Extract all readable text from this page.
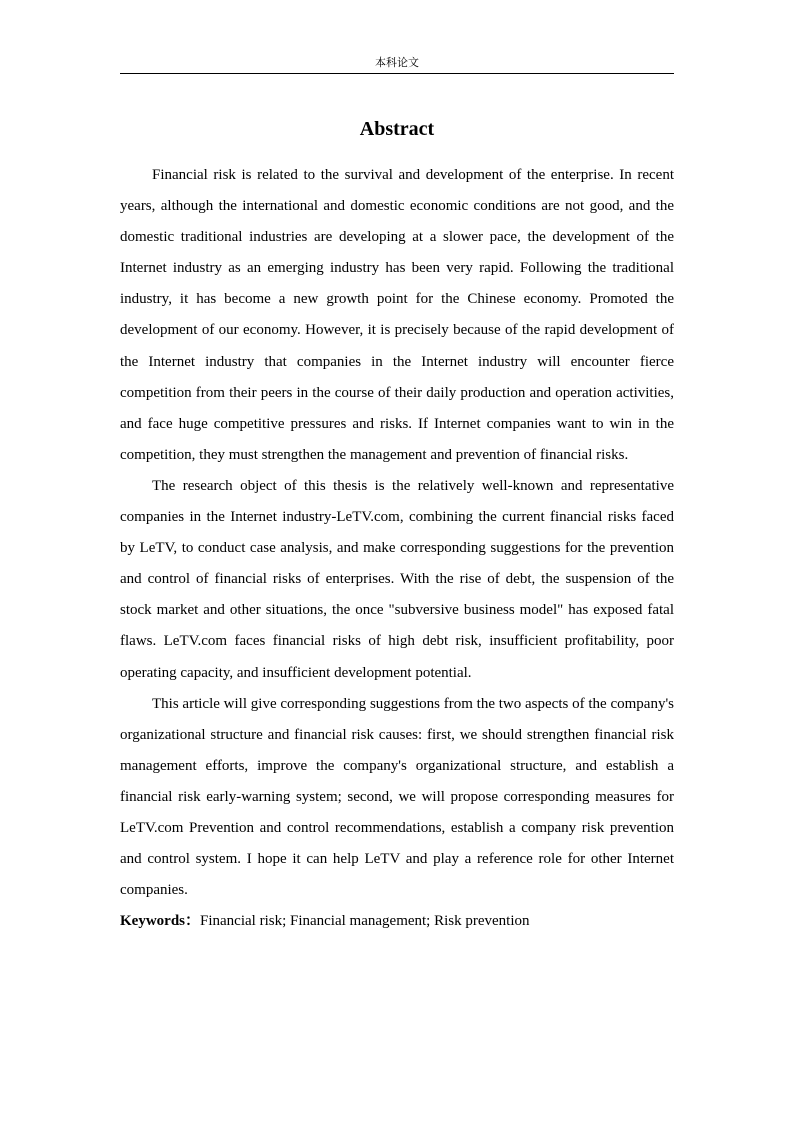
本科论文
Abstract

Financial risk is related to the survival and development of the enterprise. In recent years, although the international and domestic economic conditions are not good, and the domestic traditional industries are developing at a slower pace, the development of the Internet industry as an emerging industry has been very rapid. Following the traditional industry, it has become a new growth point for the Chinese economy. Promoted the development of our economy. However, it is precisely because of the rapid development of the Internet industry that companies in the Internet industry will encounter fierce competition from their peers in the course of their daily production and operation activities, and face huge competitive pressures and risks. If Internet companies want to win in the competition, they must strengthen the management and prevention of financial risks.

The research object of this thesis is the relatively well-known and representative companies in the Internet industry-LeTV.com, combining the current financial risks faced by LeTV, to conduct case analysis, and make corresponding suggestions for the prevention and control of financial risks of enterprises. With the rise of debt, the suspension of the stock market and other situations, the once "subversive business model" has exposed fatal flaws. LeTV.com faces financial risks of high debt risk, insufficient profitability, poor operating capacity, and insufficient development potential.

This article will give corresponding suggestions from the two aspects of the company's organizational structure and financial risk causes: first, we should strengthen financial risk management efforts, improve the company's organizational structure, and establish a financial risk early-warning system; second, we will propose corresponding measures for LeTV.com Prevention and control recommendations, establish a company risk prevention and control system. I hope it can help LeTV and play a reference role for other Internet companies.

Keywords：Financial risk; Financial management; Risk prevention
